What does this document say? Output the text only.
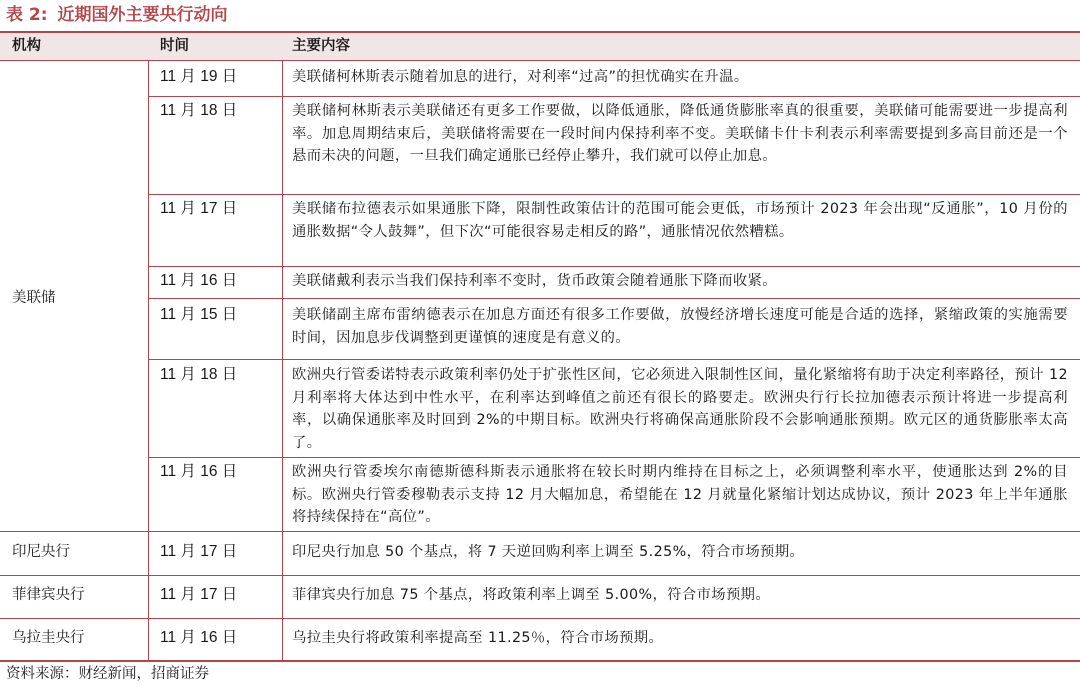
表 2: 近期国外主要央行动向
机构	时间	主要内容
美联储
11 月 19 日	美联储柯林斯表示随着加息的进行，对利率“过高”的担忧确实在升温。
11 月 18 日	美联储柯林斯表示美联储还有更多工作要做，以降低通胀，降低通货膨胀率真的很重要，美联储可能需要进一步提高利率。加息周期结束后，美联储将需要在一段时间内保持利率不变。美联储卡什卡利表示利率需要提到多高目前还是一个悬而未决的问题，一旦我们确定通胀已经停止攀升，我们就可以停止加息。
11 月 17 日	美联储布拉德表示如果通胀下降，限制性政策估计的范围可能会更低，市场预计 2023 年会出现“反通胀”，10 月份的通胀数据“令人鼓舞”，但下次“可能很容易走相反的路”，通胀情况依然糟糕。
11 月 16 日	美联储戴利表示当我们保持利率不变时，货币政策会随着通胀下降而收紧。
11 月 15 日	美联储副主席布雷纳德表示在加息方面还有很多工作要做，放慢经济增长速度可能是合适的选择，紧缩政策的实施需要时间，因加息步伐调整到更谨慎的速度是有意义的。
11 月 18 日	欧洲央行管委诺特表示政策利率仍处于扩张性区间，它必须进入限制性区间，量化紧缩将有助于决定利率路径，预计 12 月利率将大体达到中性水平，在利率达到峰值之前还有很长的路要走。欧洲央行行长拉加德表示预计将进一步提高利率，以确保通胀率及时回到 2%的中期目标。欧洲央行将确保高通胀阶段不会影响通胀预期。欧元区的通货膨胀率太高了。
11 月 16 日	欧洲央行管委埃尔南德斯德科斯表示通胀将在较长时期内维持在目标之上，必须调整利率水平，使通胀达到 2%的目标。欧洲央行管委穆勒表示支持 12 月大幅加息，希望能在 12 月就量化紧缩计划达成协议，预计 2023 年上半年通胀将持续保持在“高位”。
印尼央行	11 月 17 日	印尼央行加息 50 个基点，将 7 天逆回购利率上调至 5.25%，符合市场预期。
菲律宾央行	11 月 17 日	菲律宾央行加息 75 个基点，将政策利率上调至 5.00%，符合市场预期。
乌拉圭央行	11 月 16 日	乌拉圭央行将政策利率提高至 11.25％，符合市场预期。
资料来源：财经新闻，招商证券
